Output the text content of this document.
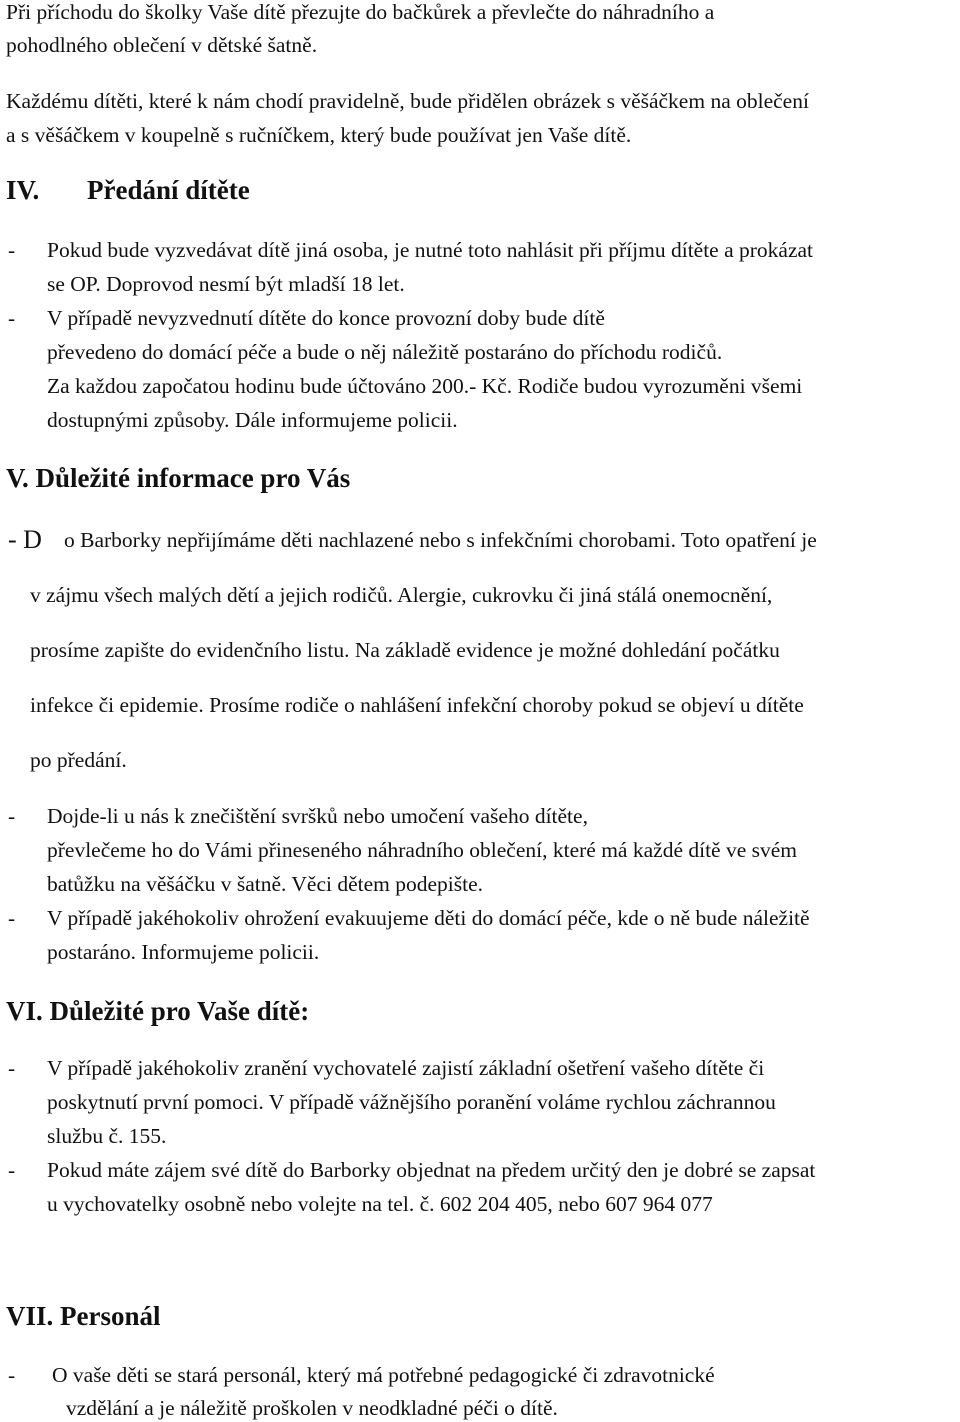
Při příchodu do školky Vaše dítě přezujte do bačkůrek a převlečte do náhradního a
pohodlného oblečení v dětské šatně.
Každému dítěti, které k nám chodí pravidelně, bude přidělen obrázek s věšáčkem na oblečení
a s věšáčkem v koupelně s ručníčkem, který bude používat jen Vaše dítě.
IV. Předání dítěte
- Pokud bude vyzvedávat dítě jiná osoba, je nutné toto nahlásit při příjmu dítěte a prokázat
se OP. Doprovod nesmí být mladší 18 let.
- V případě nevyzvednutí dítěte do konce provozní doby bude dítě
převedeno do domácí péče a bude o něj náležitě postaráno do příchodu rodičů.
Za každou započatou hodinu bude účtováno 200.- Kč. Rodiče budou vyrozuměni všemi
dostupnými způsoby. Dále informujeme policii.
V. Důležité informace pro Vás
- D o Barborky nepřijímáme děti nachlazené nebo s infekčními chorobami. Toto opatření je
v zájmu všech malých dětí a jejich rodičů. Alergie, cukrovku či jiná stálá onemocnění,
prosíme zapište do evidenčního listu. Na základě evidence je možné dohledání počátku
infekce či epidemie. Prosíme rodiče o nahlášení infekční choroby pokud se objeví u dítěte
po předání.
- Dojde-li u nás k znečištění svršků nebo umočení vašeho dítěte,
převlečeme ho do Vámi přineseného náhradního oblečení, které má každé dítě ve svém
batůžku na věšáčku v šatně. Věci dětem podepište.
- V případě jakéhokoliv ohrožení evakuujeme děti do domácí péče, kde o ně bude náležitě
postaráno. Informujeme policii.
VI. Důležité pro Vaše dítě:
- V případě jakéhokoliv zranění vychovatelé zajistí základní ošetření vašeho dítěte či
poskytnutí první pomoci. V případě vážnějšího poranění voláme rychlou záchrannou
službu č. 155.
- Pokud máte zájem své dítě do Barborky objednat na předem určitý den je dobré se zapsat
u vychovatelky osobně nebo volejte na tel. č. 602 204 405, nebo 607 964 077
VII. Personál
- O vaše děti se stará personál, který má potřebné pedagogické či zdravotnické
vzdělání a je náležitě proškolen v neodkladné péči o dítě.
